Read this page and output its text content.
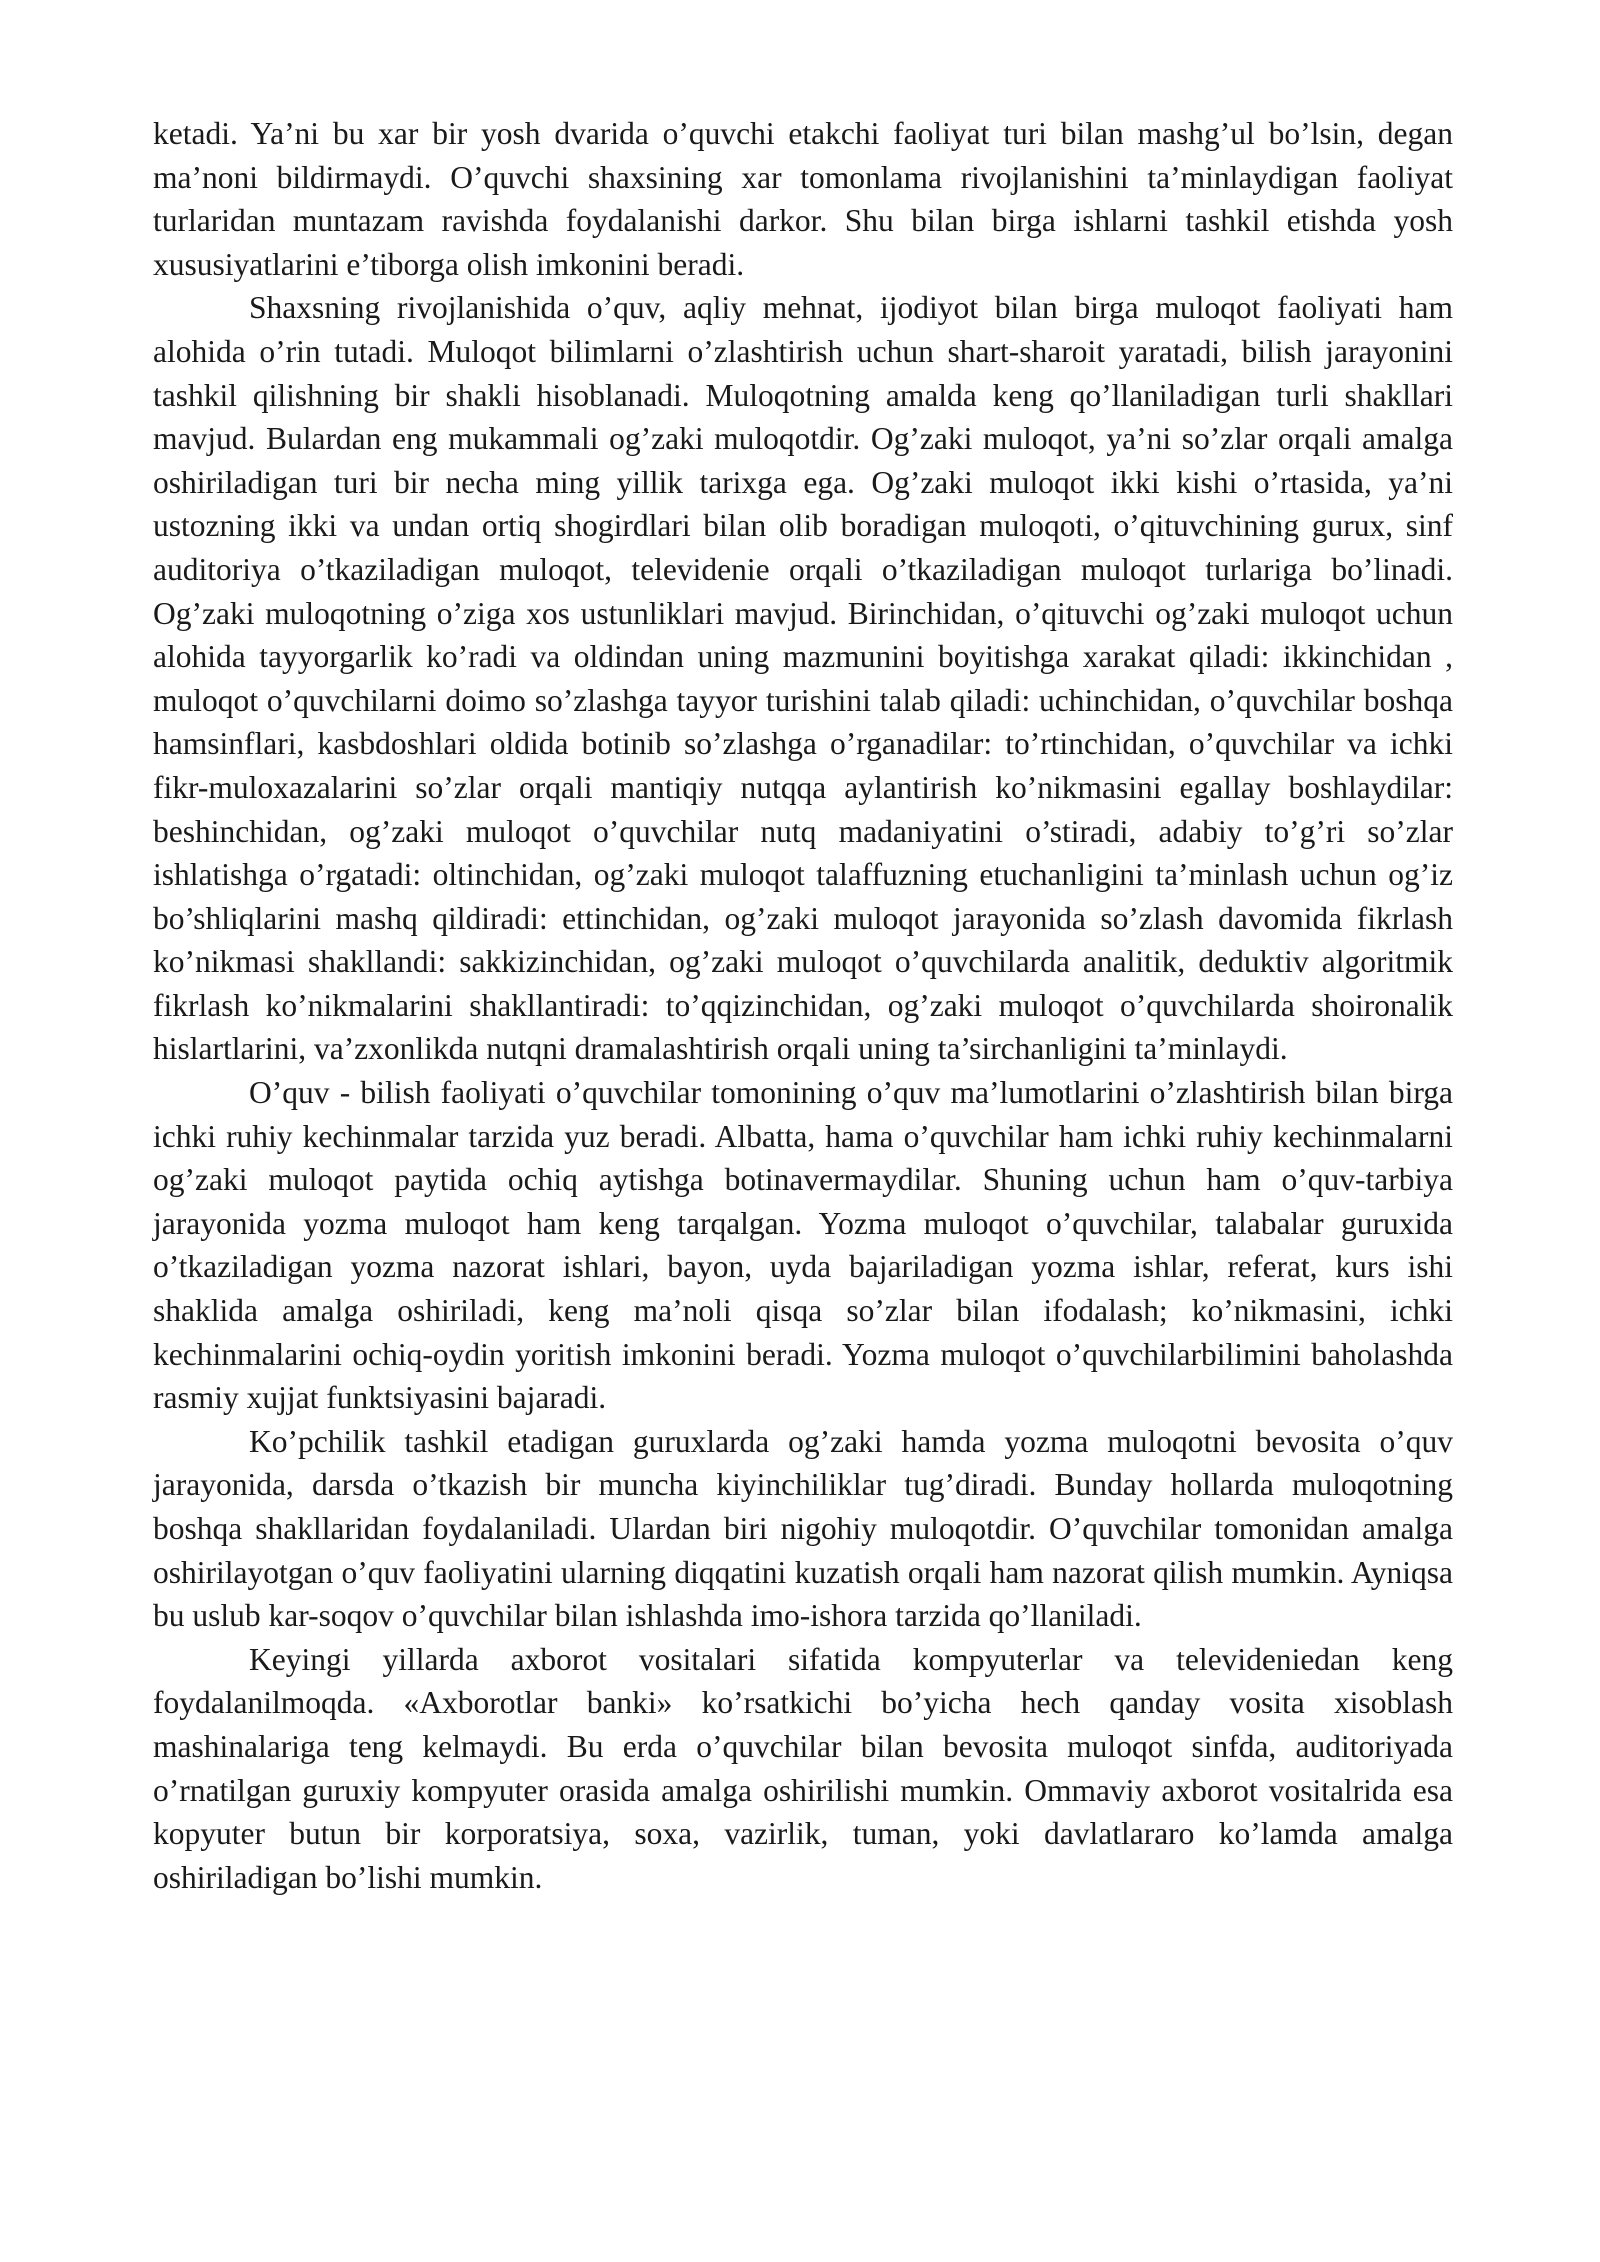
ketadi. Ya’ni bu xar bir yosh dvarida o’quvchi etakchi faoliyat turi bilan mashg’ul bo’lsin, degan ma’noni bildirmaydi. O’quvchi shaxsining xar tomonlama rivojlanishini ta’minlaydigan faoliyat turlaridan muntazam ravishda foydalanishi darkor. Shu bilan birga ishlarni tashkil etishda yosh xususiyatlarini e’tiborga olish imkonini beradi.

Shaxsning rivojlanishida o’quv, aqliy mehnat, ijodiyot bilan birga muloqot faoliyati ham alohida o’rin tutadi. Muloqot bilimlarni o’zlashtirish uchun shart-sharoit yaratadi, bilish jarayonini tashkil qilishning bir shakli hisoblanadi. Muloqotning amalda keng qo’llaniladigan turli shakllari mavjud. Bulardan eng mukammali og’zaki muloqotdir. Og’zaki muloqot, ya’ni so’zlar orqali amalga oshiriladigan turi bir necha ming yillik tarixga ega. Og’zaki muloqot ikki kishi o’rtasida, ya’ni ustozning ikki va undan ortiq shogirdlari bilan olib boradigan muloqoti, o’qituvchining gurux, sinf auditoriya o’tkaziladigan muloqot, televidenie orqali o’tkaziladigan muloqot turlariga bo’linadi. Og’zaki muloqotning o’ziga xos ustunliklari mavjud. Birinchidan, o’qituvchi og’zaki muloqot uchun alohida tayyorgarlik ko’radi va oldindan uning mazmunini boyitishga xarakat qiladi: ikkinchidan , muloqot o’quvchilarni doimo so’zlashga tayyor turishini talab qiladi: uchinchidan, o’quvchilar boshqa hamsinflari, kasbdoshlari oldida botinib so’zlashga o’rganadilar: to’rtinchidan, o’quvchilar va ichki fikr-muloxazalarini so’zlar orqali mantiqiy nutqqa aylantirish ko’nikmasini egallay boshlaydilar: beshinchidan, og’zaki muloqot o’quvchilar nutq madaniyatini o’stiradi, adabiy to’g’ri so’zlar ishlatishga o’rgatadi: oltinchidan, og’zaki muloqot talaffuzning etuchanligini ta’minlash uchun og’iz bo’shliqlarini mashq qildiradi: ettinchidan, og’zaki muloqot jarayonida so’zlash davomida fikrlash ko’nikmasi shakllandi: sakkizinchidan, og’zaki muloqot o’quvchilarda analitik, deduktiv algoritmik fikrlash ko’nikmalarini shakllantiradi: to’qqizinchidan, og’zaki muloqot o’quvchilarda shoironalik hislartlarini, va’zxonlikda nutqni dramalashtirish orqali uning ta’sirchanligini ta’minlaydi.

O’quv - bilish faoliyati o’quvchilar tomonining o’quv ma’lumotlarini o’zlashtirish bilan birga ichki ruhiy kechinmalar tarzida yuz beradi. Albatta, hama o’quvchilar ham ichki ruhiy kechinmalarni og’zaki muloqot paytida ochiq aytishga botinavermaydilar. Shuning uchun ham o’quv-tarbiya jarayonida yozma muloqot ham keng tarqalgan. Yozma muloqot o’quvchilar, talabalar guruxida o’tkaziladigan yozma nazorat ishlari, bayon, uyda bajariladigan yozma ishlar, referat, kurs ishi shaklida amalga oshiriladi, keng ma’noli qisqa so’zlar bilan ifodalash; ko’nikmasini, ichki kechinmalarini ochiq-oydin yoritish imkonini beradi. Yozma muloqot o’quvchilarbilimini baholashda rasmiy xujjat funktsiyasini bajaradi.

Ko’pchilik tashkil etadigan guruxlarda og’zaki hamda yozma muloqotni bevosita o’quv jarayonida, darsda o’tkazish bir muncha kiyinchiliklar tug’diradi. Bunday hollarda muloqotning boshqa shakllaridan foydalaniladi. Ulardan biri nigohiy muloqotdir. O’quvchilar tomonidan amalga oshirilayotgan o’quv faoliyatini ularning diqqatini kuzatish orqali ham nazorat qilish mumkin. Ayniqsa bu uslub kar-soqov o’quvchilar bilan ishlashda imo-ishora tarzida qo’llaniladi.

Keyingi yillarda axborot vositalari sifatida kompyuterlar va televideniedan keng foydalanilmoqda. «Axborotlar banki» ko’rsatkichi bo’yicha hech qanday vosita xisoblash mashinalariga teng kelmaydi. Bu erda o’quvchilar bilan bevosita muloqot sinfda, auditoriyada o’rnatilgan guruxiy kompyuter orasida amalga oshirilishi mumkin. Ommaviy axborot vositalrida esa kopyuter butun bir korporatsiya, soxa, vazirlik, tuman, yoki davlatlararo ko’lamda amalga oshiriladigan bo’lishi mumkin.
